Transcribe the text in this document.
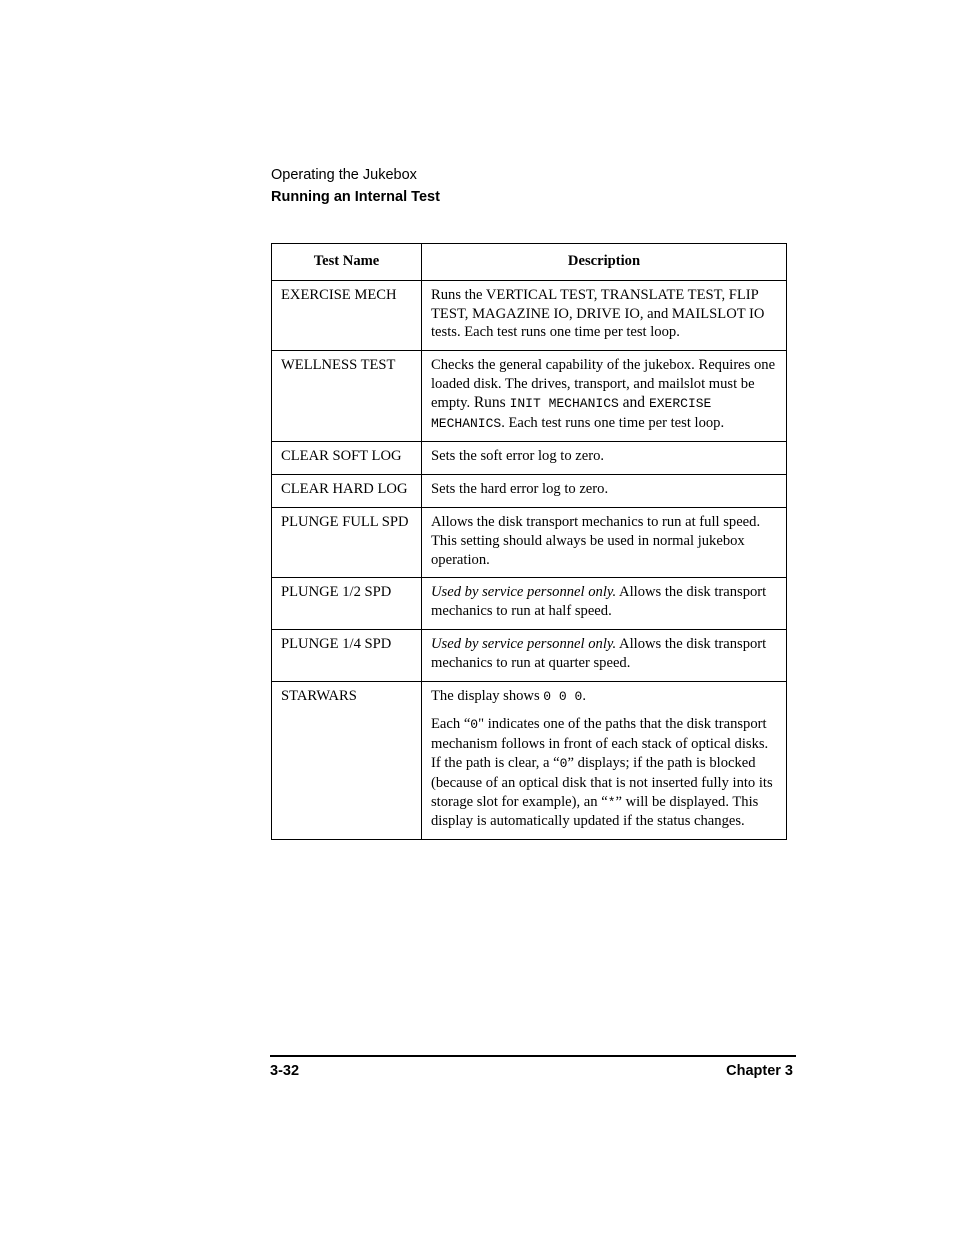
Operating the Jukebox
Running an Internal Test
Test Name	Description
EXERCISE MECH	Runs the VERTICAL TEST, TRANSLATE TEST, FLIP TEST, MAGAZINE IO, DRIVE IO, and MAILSLOT IO tests. Each test runs one time per test loop.
WELLNESS TEST	Checks the general capability of the jukebox. Requires one loaded disk. The drives, transport, and mailslot must be empty. Runs INIT MECHANICS and EXERCISE MECHANICS. Each test runs one time per test loop.
CLEAR SOFT LOG	Sets the soft error log to zero.
CLEAR HARD LOG	Sets the hard error log to zero.
PLUNGE FULL SPD	Allows the disk transport mechanics to run at full speed. This setting should always be used in normal jukebox operation.
PLUNGE 1/2 SPD	Used by service personnel only. Allows the disk transport mechanics to run at half speed.
PLUNGE 1/4 SPD	Used by service personnel only. Allows the disk transport mechanics to run at quarter speed.
STARWARS	The display shows 0 0 0.
Each “0" indicates one of the paths that the disk transport mechanism follows in front of each stack of optical disks. If the path is clear, a “0” displays; if the path is blocked (because of an optical disk that is not inserted fully into its storage slot for example), an “*” will be displayed. This display is automatically updated if the status changes.
3-32	Chapter 3
